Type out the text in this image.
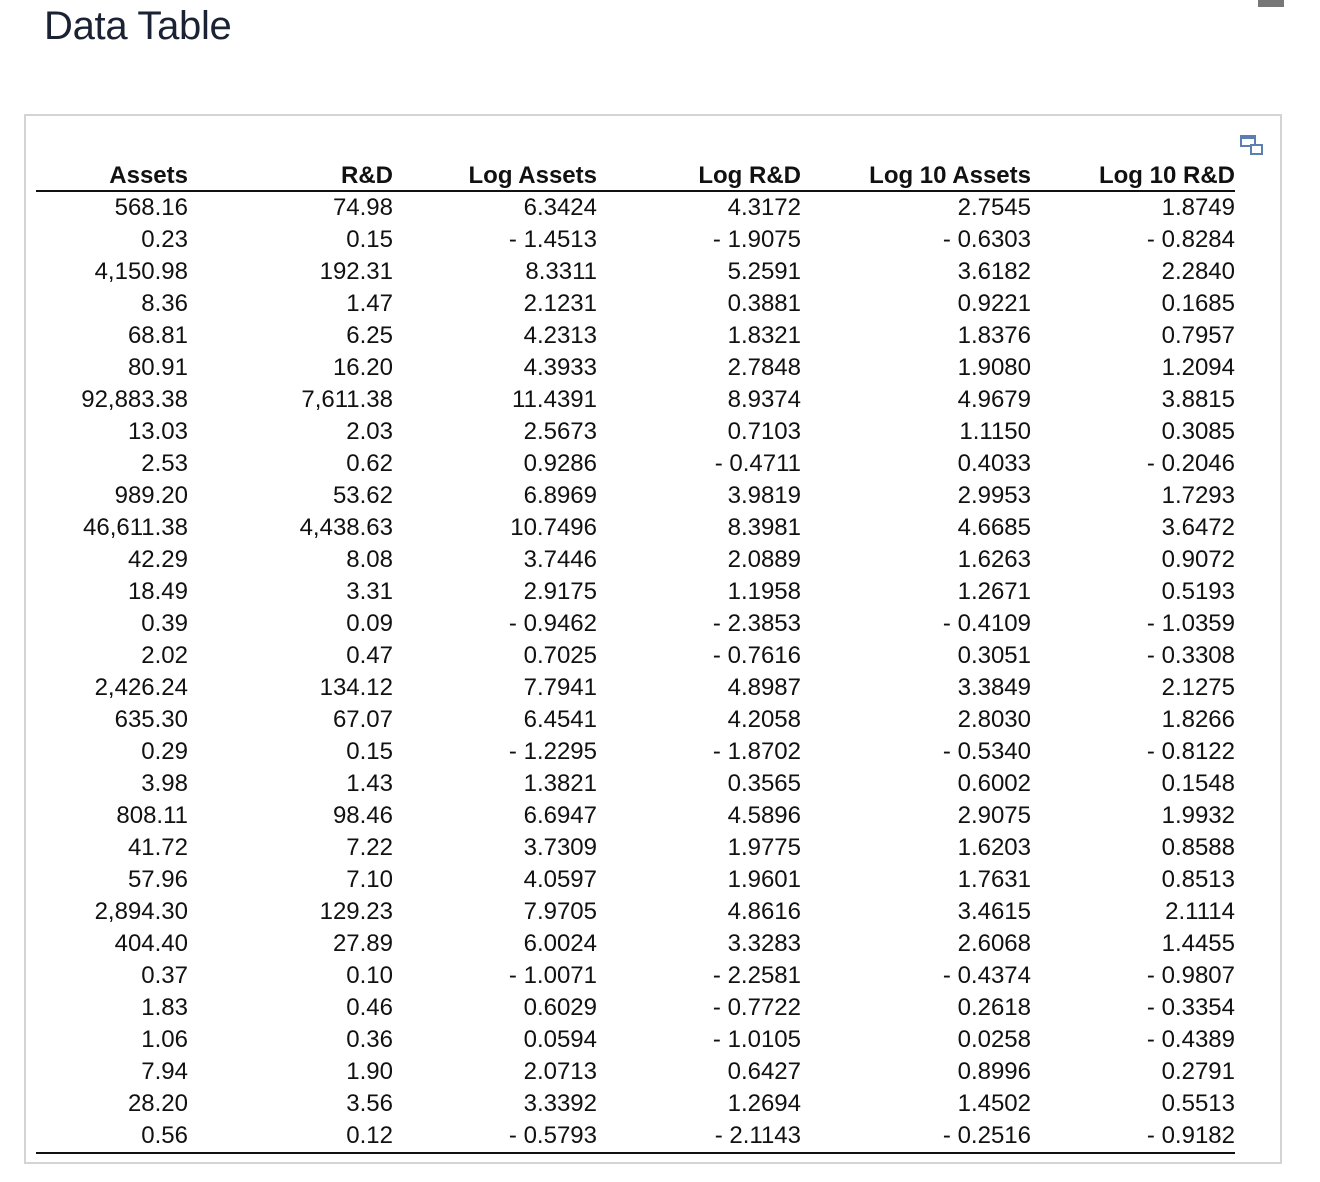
Data Table
Assets	R&D	Log Assets	Log R&D	Log 10 Assets	Log 10 R&D
568.16	74.98	6.3424	4.3172	2.7545	1.8749
0.23	0.15	- 1.4513	- 1.9075	- 0.6303	- 0.8284
4,150.98	192.31	8.3311	5.2591	3.6182	2.2840
8.36	1.47	2.1231	0.3881	0.9221	0.1685
68.81	6.25	4.2313	1.8321	1.8376	0.7957
80.91	16.20	4.3933	2.7848	1.9080	1.2094
92,883.38	7,611.38	11.4391	8.9374	4.9679	3.8815
13.03	2.03	2.5673	0.7103	1.1150	0.3085
2.53	0.62	0.9286	- 0.4711	0.4033	- 0.2046
989.20	53.62	6.8969	3.9819	2.9953	1.7293
46,611.38	4,438.63	10.7496	8.3981	4.6685	3.6472
42.29	8.08	3.7446	2.0889	1.6263	0.9072
18.49	3.31	2.9175	1.1958	1.2671	0.5193
0.39	0.09	- 0.9462	- 2.3853	- 0.4109	- 1.0359
2.02	0.47	0.7025	- 0.7616	0.3051	- 0.3308
2,426.24	134.12	7.7941	4.8987	3.3849	2.1275
635.30	67.07	6.4541	4.2058	2.8030	1.8266
0.29	0.15	- 1.2295	- 1.8702	- 0.5340	- 0.8122
3.98	1.43	1.3821	0.3565	0.6002	0.1548
808.11	98.46	6.6947	4.5896	2.9075	1.9932
41.72	7.22	3.7309	1.9775	1.6203	0.8588
57.96	7.10	4.0597	1.9601	1.7631	0.8513
2,894.30	129.23	7.9705	4.8616	3.4615	2.1114
404.40	27.89	6.0024	3.3283	2.6068	1.4455
0.37	0.10	- 1.0071	- 2.2581	- 0.4374	- 0.9807
1.83	0.46	0.6029	- 0.7722	0.2618	- 0.3354
1.06	0.36	0.0594	- 1.0105	0.0258	- 0.4389
7.94	1.90	2.0713	0.6427	0.8996	0.2791
28.20	3.56	3.3392	1.2694	1.4502	0.5513
0.56	0.12	- 0.5793	- 2.1143	- 0.2516	- 0.9182
